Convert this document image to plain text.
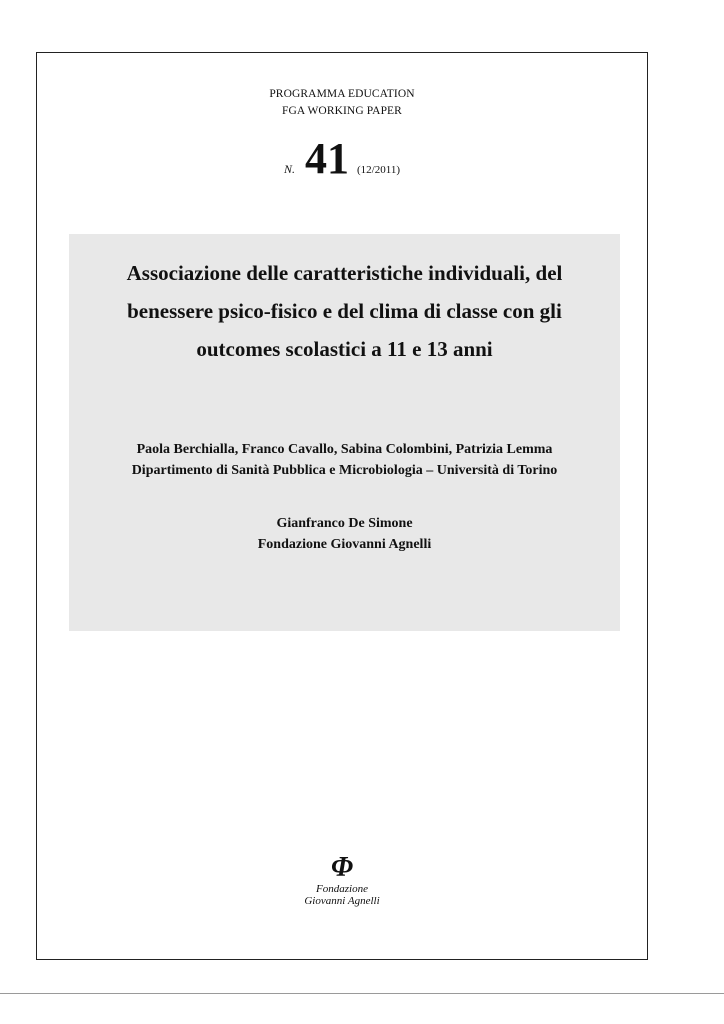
PROGRAMMA EDUCATION
FGA WORKING PAPER
N. 41 (12/2011)
Associazione delle caratteristiche individuali, del
benessere psico-fisico e del clima di classe con gli
outcomes scolastici a 11 e 13 anni
Paola Berchialla, Franco Cavallo, Sabina Colombini, Patrizia Lemma
Dipartimento di Sanità Pubblica e Microbiologia – Università di Torino
Gianfranco De Simone
Fondazione Giovanni Agnelli
Φ
Fondazione
Giovanni Agnelli
